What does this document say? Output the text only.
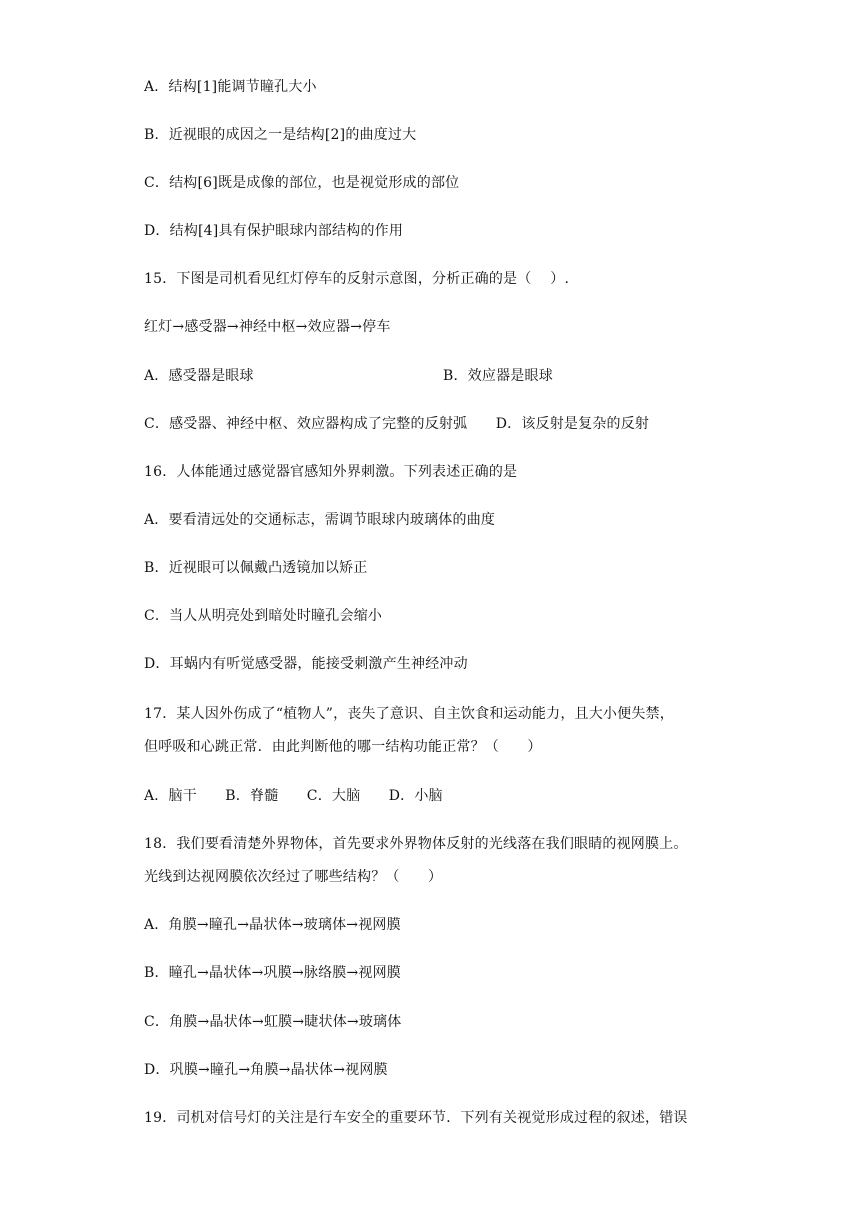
A．结构[1]能调节瞳孔大小
B．近视眼的成因之一是结构[2]的曲度过大
C．结构[6]既是成像的部位，也是视觉形成的部位
D．结构[4]具有保护眼球内部结构的作用
15．下图是司机看见红灯停车的反射示意图，分析正确的是（　 ）.
红灯→感受器→神经中枢→效应器→停车
A．感受器是眼球	B．效应器是眼球
C．感受器、神经中枢、效应器构成了完整的反射弧　　D．该反射是复杂的反射
16．人体能通过感觉器官感知外界刺激。下列表述正确的是
A．要看清远处的交通标志，需调节眼球内玻璃体的曲度
B．近视眼可以佩戴凸透镜加以矫正
C．当人从明亮处到暗处时瞳孔会缩小
D．耳蜗内有听觉感受器，能接受刺激产生神经冲动
17．某人因外伤成了“植物人”，丧失了意识、自主饮食和运动能力，且大小便失禁，
但呼吸和心跳正常．由此判断他的哪一结构功能正常？（　　）
A．脑干　　B．脊髓　　C．大脑　　D．小脑
18．我们要看清楚外界物体，首先要求外界物体反射的光线落在我们眼睛的视网膜上。
光线到达视网膜依次经过了哪些结构？（　　）
A．角膜→瞳孔→晶状体→玻璃体→视网膜
B．瞳孔→晶状体→巩膜→脉络膜→视网膜
C．角膜→晶状体→虹膜→睫状体→玻璃体
D．巩膜→瞳孔→角膜→晶状体→视网膜
19．司机对信号灯的关注是行车安全的重要环节．下列有关视觉形成过程的叙述，错误
